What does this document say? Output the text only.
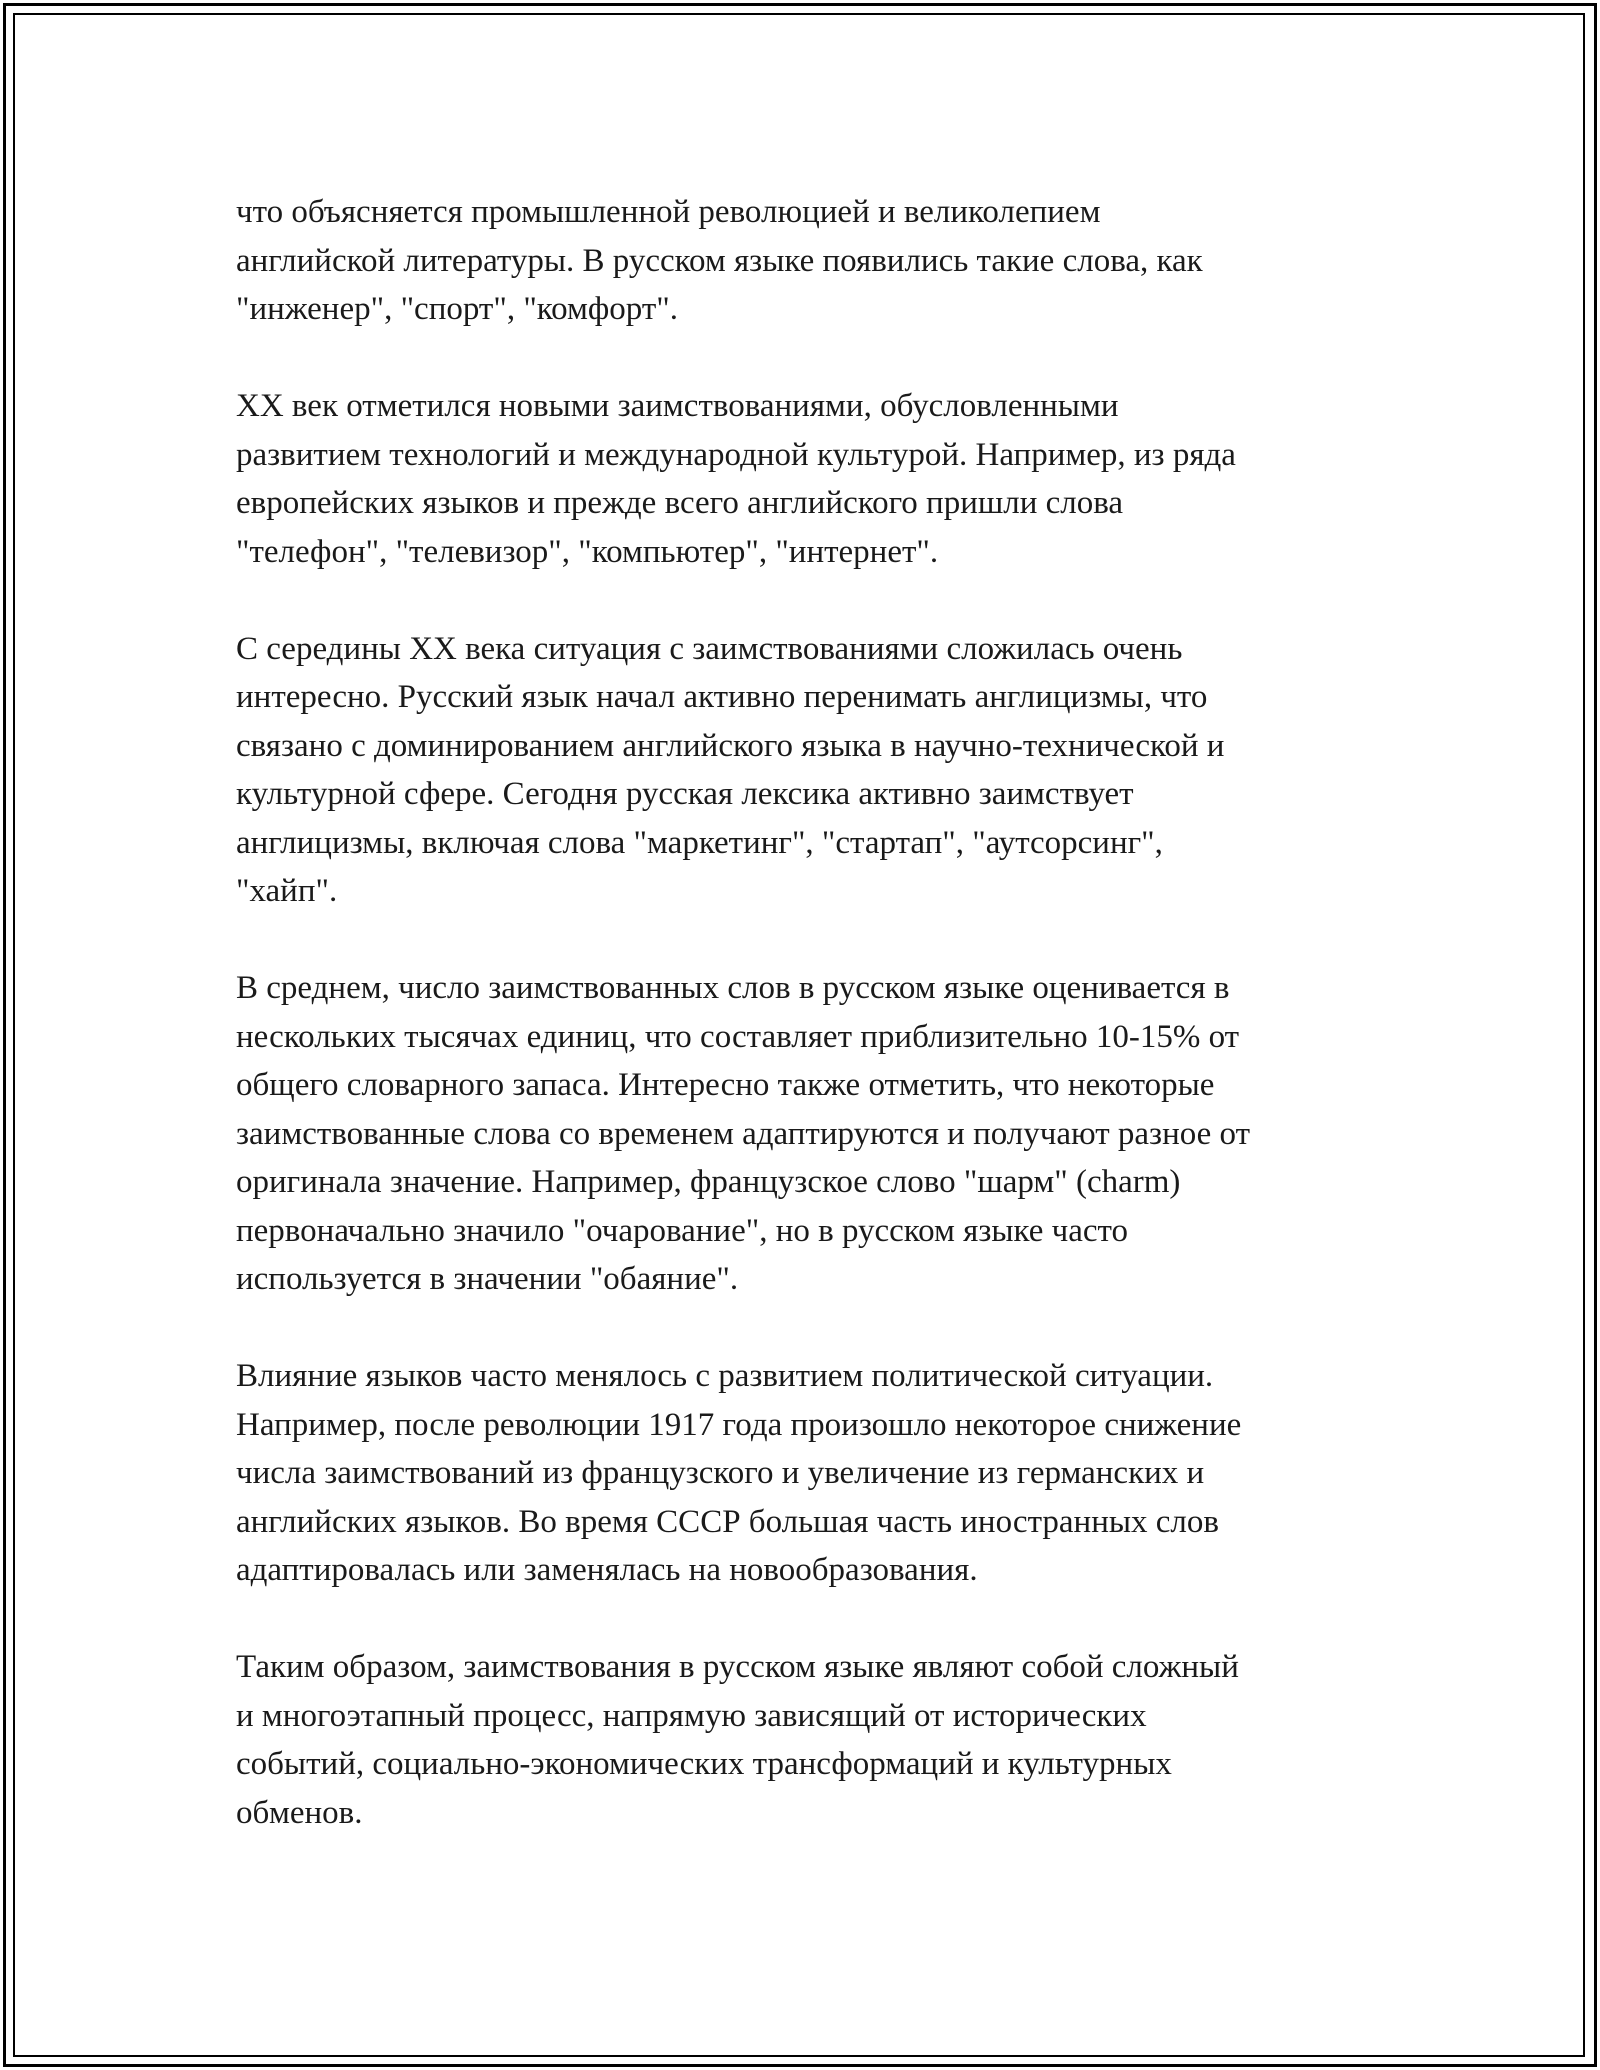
что объясняется промышленной революцией и великолепием
английской литературы. В русском языке появились такие слова, как
"инженер", "спорт", "комфорт".

XX век отметился новыми заимствованиями, обусловленными
развитием технологий и международной культурой. Например, из ряда
европейских языков и прежде всего английского пришли слова
"телефон", "телевизор", "компьютер", "интернет".

С середины XX века ситуация с заимствованиями сложилась очень
интересно. Русский язык начал активно перенимать англицизмы, что
связано с доминированием английского языка в научно-технической и
культурной сфере. Сегодня русская лексика активно заимствует
англицизмы, включая слова "маркетинг", "стартап", "аутсорсинг",
"хайп".

В среднем, число заимствованных слов в русском языке оценивается в
нескольких тысячах единиц, что составляет приблизительно 10-15% от
общего словарного запаса. Интересно также отметить, что некоторые
заимствованные слова со временем адаптируются и получают разное от
оригинала значение. Например, французское слово "шарм" (charm)
первоначально значило "очарование", но в русском языке часто
используется в значении "обаяние".

Влияние языков часто менялось с развитием политической ситуации.
Например, после революции 1917 года произошло некоторое снижение
числа заимствований из французского и увеличение из германских и
английских языков. Во время СССР большая часть иностранных слов
адаптировалась или заменялась на новообразования.

Таким образом, заимствования в русском языке являют собой сложный
и многоэтапный процесс, напрямую зависящий от исторических
событий, социально-экономических трансформаций и культурных
обменов.
